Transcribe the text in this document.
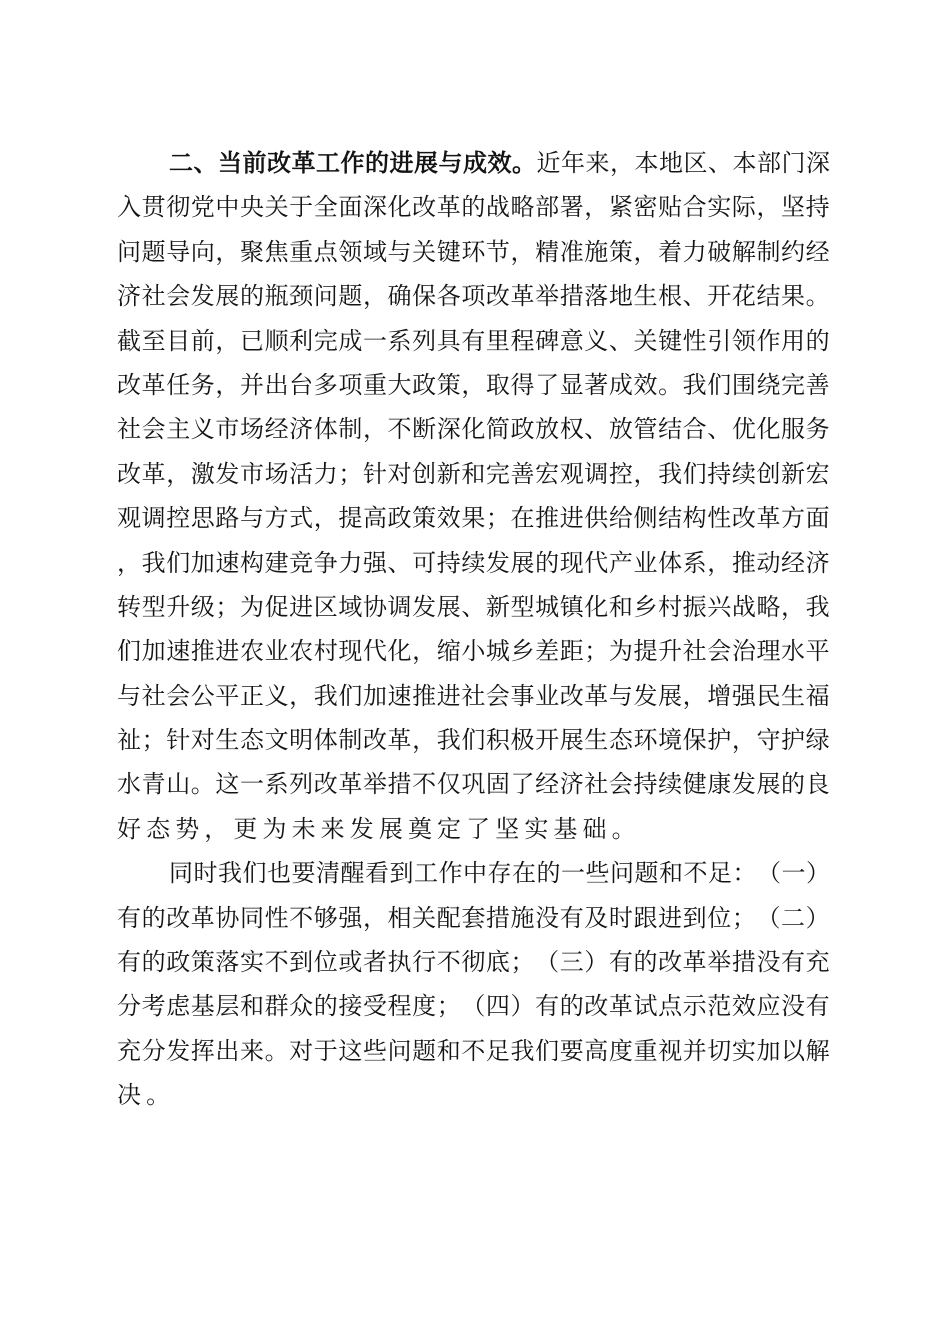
二 、 当 前 改 革 工 作 的 进 展 与 成 效 。 近 年 来 ， 本 地 区 、 本 部 门 深
入 贯 彻 党 中 央 关 于 全 面 深 化 改 革 的 战 略 部 署 ， 紧 密 贴 合 实 际 ， 坚 持
问 题 导 向 ， 聚 焦 重 点 领 域 与 关 键 环 节 ， 精 准 施 策 ， 着 力 破 解 制 约 经
济 社 会 发 展 的 瓶 颈 问 题 ， 确 保 各 项 改 革 举 措 落 地 生 根 、 开 花 结 果 。
截 至 目 前 ， 已 顺 利 完 成 一 系 列 具 有 里 程 碑 意 义 、 关 键 性 引 领 作 用 的
改 革 任 务 ， 并 出 台 多 项 重 大 政 策 ， 取 得 了 显 著 成 效 。 我 们 围 绕 完 善
社 会 主 义 市 场 经 济 体 制 ， 不 断 深 化 简 政 放 权 、 放 管 结 合 、 优 化 服 务
改 革 ， 激 发 市 场 活 力 ； 针 对 创 新 和 完 善 宏 观 调 控 ， 我 们 持 续 创 新 宏
观 调 控 思 路 与 方 式 ， 提 高 政 策 效 果 ； 在 推 进 供 给 侧 结 构 性 改 革 方 面
， 我 们 加 速 构 建 竞 争 力 强 、 可 持 续 发 展 的 现 代 产 业 体 系 ， 推 动 经 济
转 型 升 级 ； 为 促 进 区 域 协 调 发 展 、 新 型 城 镇 化 和 乡 村 振 兴 战 略 ， 我
们 加 速 推 进 农 业 农 村 现 代 化 ， 缩 小 城 乡 差 距 ； 为 提 升 社 会 治 理 水 平
与 社 会 公 平 正 义 ， 我 们 加 速 推 进 社 会 事 业 改 革 与 发 展 ， 增 强 民 生 福
祉 ； 针 对 生 态 文 明 体 制 改 革 ， 我 们 积 极 开 展 生 态 环 境 保 护 ， 守 护 绿
水 青 山 。 这 一 系 列 改 革 举 措 不 仅 巩 固 了 经 济 社 会 持 续 健 康 发 展 的 良
好 态 势 ， 更 为 未 来 发 展 奠 定 了 坚 实 基 础 。
同 时 我 们 也 要 清 醒 看 到 工 作 中 存 在 的 一 些 问 题 和 不 足 ： （ 一 ）
有 的 改 革 协 同 性 不 够 强 ， 相 关 配 套 措 施 没 有 及 时 跟 进 到 位 ； （ 二 ）
有 的 政 策 落 实 不 到 位 或 者 执 行 不 彻 底 ； （ 三 ） 有 的 改 革 举 措 没 有 充
分 考 虑 基 层 和 群 众 的 接 受 程 度 ； （ 四 ） 有 的 改 革 试 点 示 范 效 应 没 有
充 分 发 挥 出 来 。 对 于 这 些 问 题 和 不 足 我 们 要 高 度 重 视 并 切 实 加 以 解
决 。
